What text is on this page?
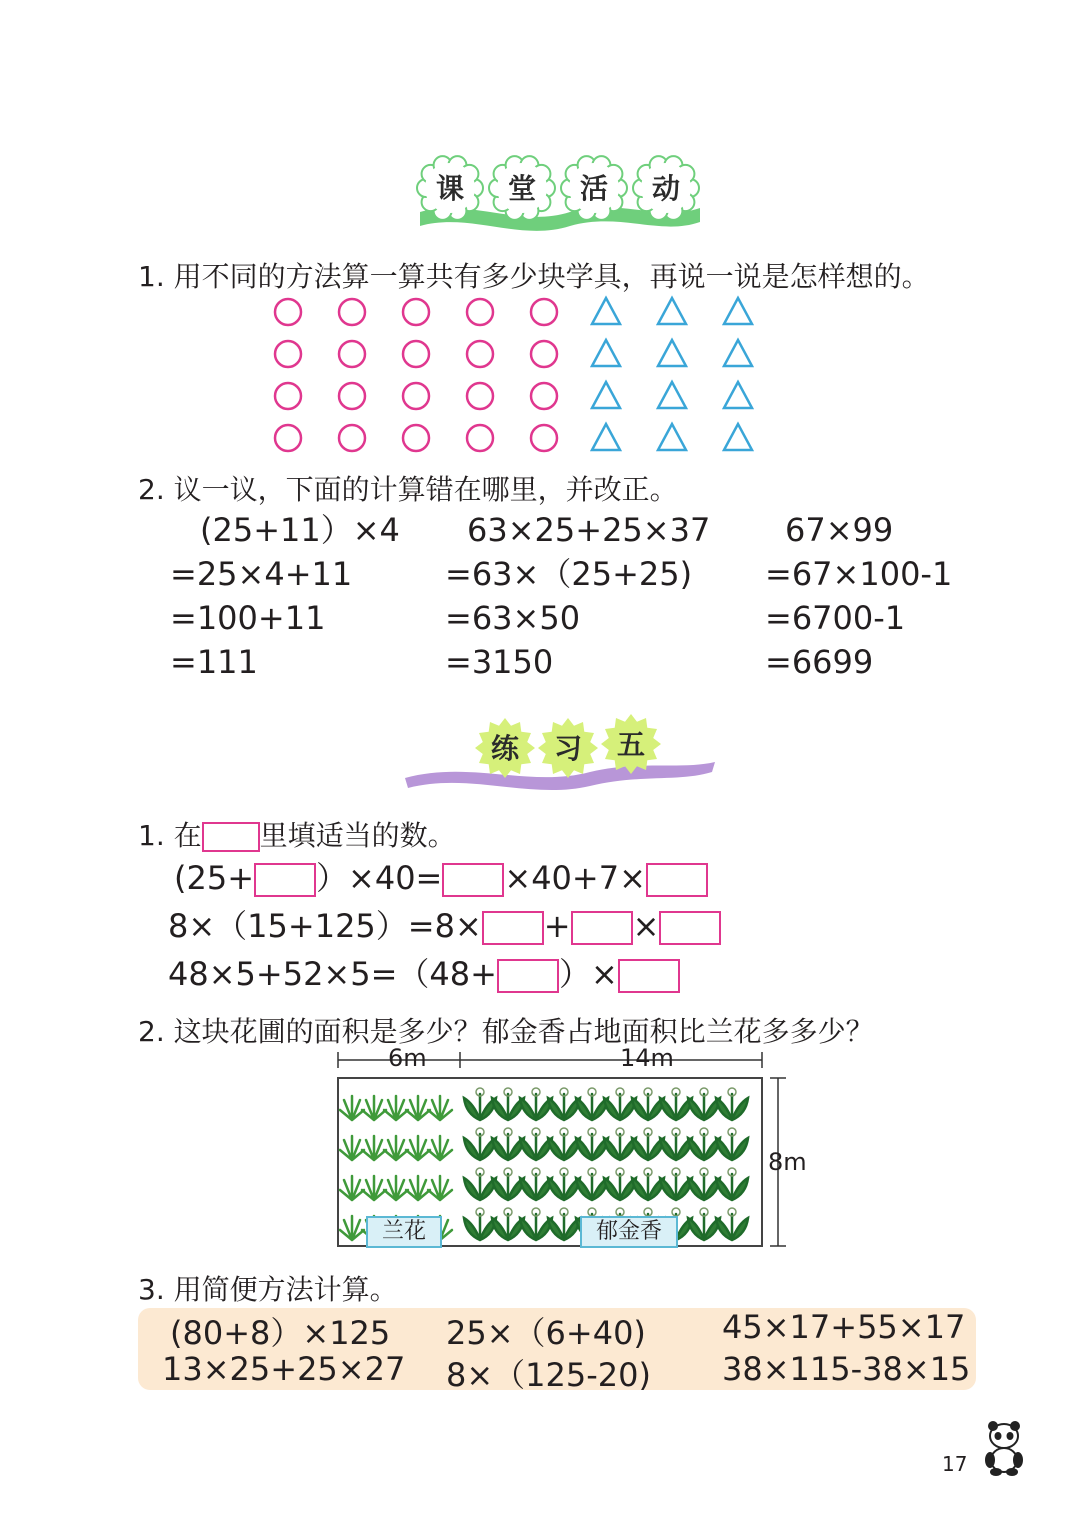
课 堂 活 动
1. 用不同的方法算一算共有多少块学具，再说一说是怎样想的。
2. 议一议，下面的计算错在哪里，并改正。
(25+11）×4
=25×4+11
=100+11
=111
63×25+25×37
=63×（25+25)
=63×50
=3150
67×99
=67×100-1
=6700-1
=6699
练 习 五
1. 在 里填适当的数。
(25+ ）×40= ×40+7×
8×（15+125）=8× + ×
48×5+52×5=（48+ ）×
2. 这块花圃的面积是多少？郁金香占地面积比兰花多多少？
6m	14m
8m
兰花	郁金香
3. 用简便方法计算。
(80+8）×125 25×（6+40) 45×17+55×17
13×25+25×27 8×（125-20) 38×115-38×15
17
